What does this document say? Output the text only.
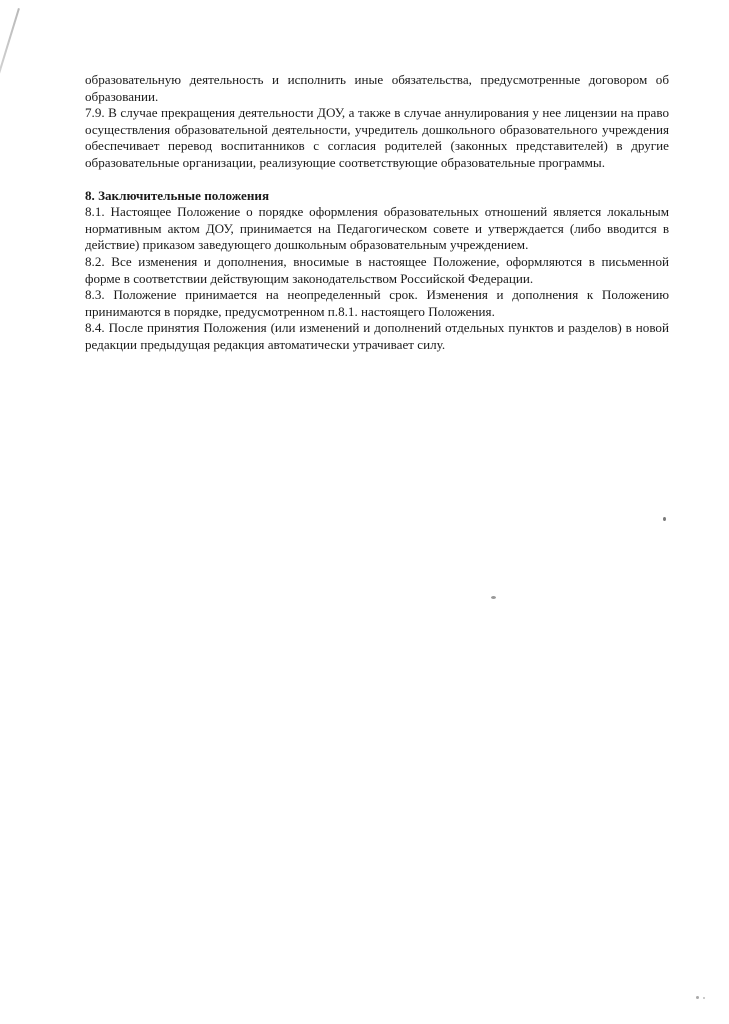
образовательную деятельность и исполнить иные обязательства, предусмотренные договором об образовании.

7.9. В случае прекращения деятельности ДОУ, а также в случае аннулирования у нее лицензии на право осуществления образовательной деятельности, учредитель дошкольного образовательного учреждения обеспечивает перевод воспитанников с согласия родителей (законных представителей) в другие образовательные организации, реализующие соответствующие образовательные программы.

8. Заключительные положения

8.1. Настоящее Положение о порядке оформления образовательных отношений является локальным нормативным актом ДОУ, принимается на Педагогическом совете и утверждается (либо вводится в действие) приказом заведующего дошкольным образовательным учреждением.

8.2. Все изменения и дополнения, вносимые в настоящее Положение, оформляются в письменной форме в соответствии действующим законодательством Российской Федерации.

8.3. Положение принимается на неопределенный срок. Изменения и дополнения к Положению принимаются в порядке, предусмотренном п.8.1. настоящего Положения.

8.4. После принятия Положения (или изменений и дополнений отдельных пунктов и разделов) в новой редакции предыдущая редакция автоматически утрачивает силу.
